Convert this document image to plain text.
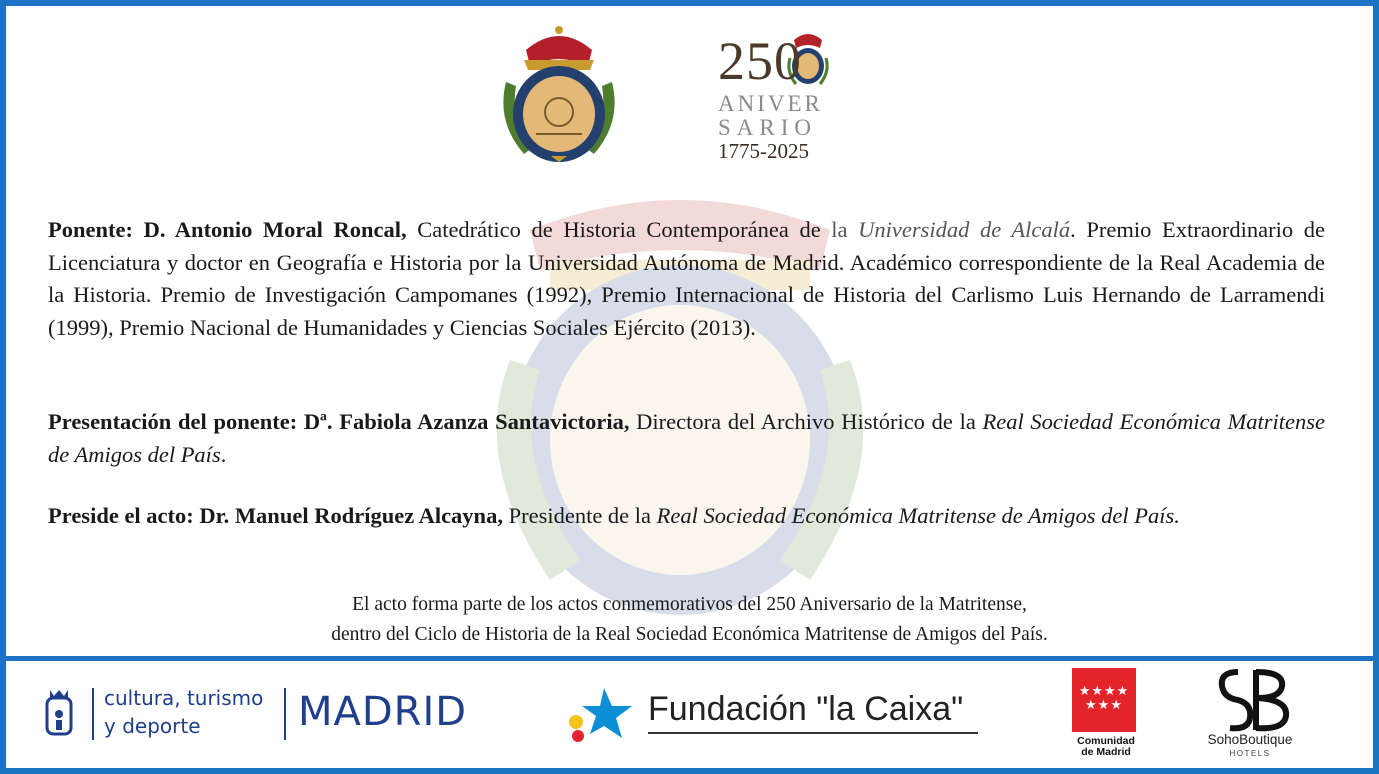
250
ANIVER
SARIO
1775-2025
Ponente: D. Antonio Moral Roncal, Catedrático de Historia Contemporánea de la Universidad de Alcalá. Premio Extraordinario de Licenciatura y doctor en Geografía e Historia por la Universidad Autónoma de Madrid. Académico correspondiente de la Real Academia de la Historia. Premio de Investigación Campomanes (1992), Premio Internacional de Historia del Carlismo Luis Hernando de Larramendi (1999), Premio Nacional de Humanidades y Ciencias Sociales Ejército (2013).
Presentación del ponente: Dª. Fabiola Azanza Santavictoria, Directora del Archivo Histórico de la Real Sociedad Económica Matritense de Amigos del País.
Preside el acto: Dr. Manuel Rodríguez Alcayna, Presidente de la Real Sociedad Económica Matritense de Amigos del País.
El acto forma parte de los actos conmemorativos del 250 Aniversario de la Matritense,
dentro del Ciclo de Historia de la Real Sociedad Económica Matritense de Amigos del País.
cultura, turismo
y deporte MADRID	Fundación "la Caixa"	★★★★
★★★
Comunidad
de Madrid
SohoBoutique
HOTELS
